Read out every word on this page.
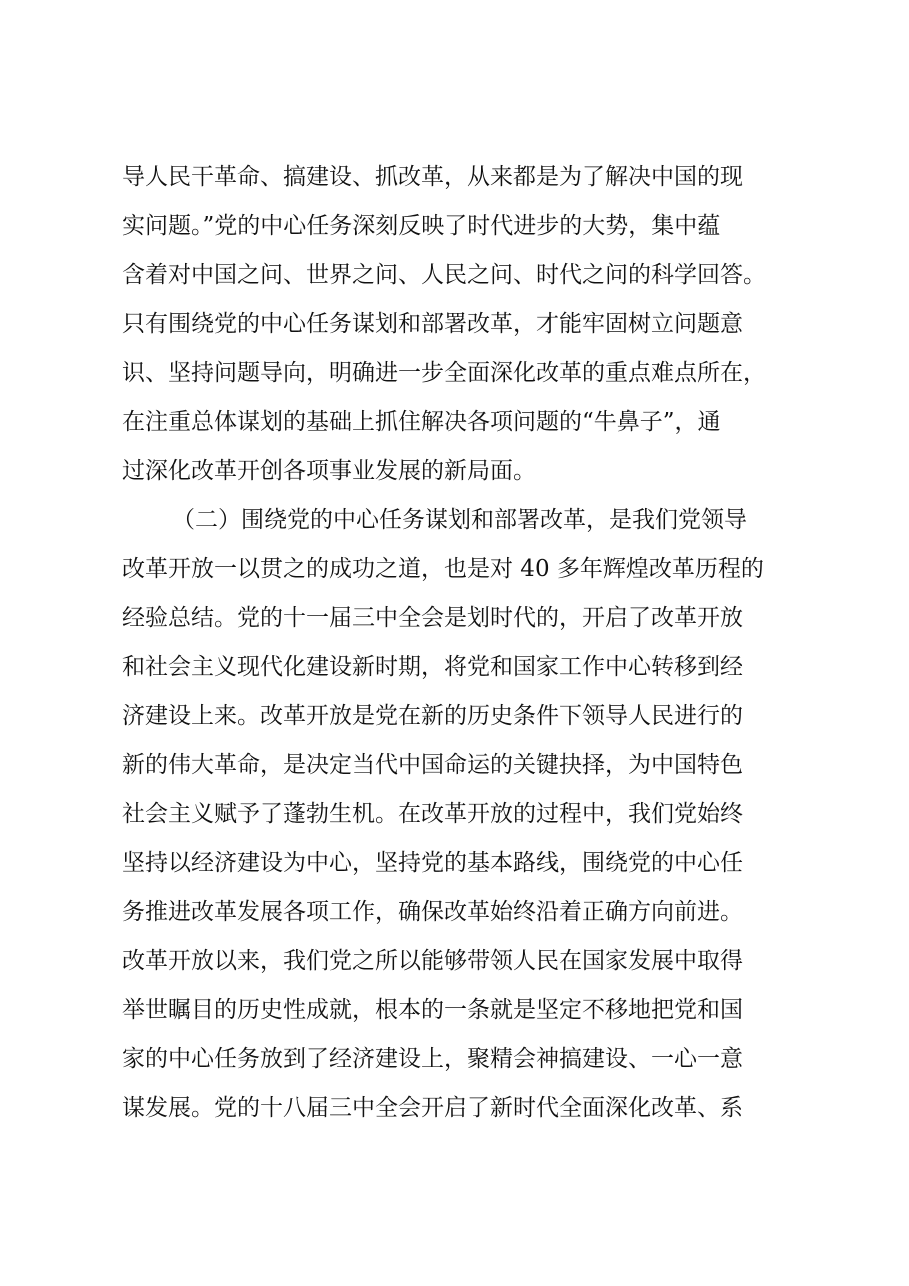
导人民干革命、搞建设、抓改革，从来都是为了解决中国的现
实问题。”党的中心任务深刻反映了时代进步的大势，集中蕴
含着对中国之问、世界之问、人民之问、时代之问的科学回答。
只有围绕党的中心任务谋划和部署改革，才能牢固树立问题意
识、坚持问题导向，明确进一步全面深化改革的重点难点所在，
在注重总体谋划的基础上抓住解决各项问题的“牛鼻子”，通
过深化改革开创各项事业发展的新局面。
（二）围绕党的中心任务谋划和部署改革，是我们党领导
改革开放一以贯之的成功之道，也是对 40 多年辉煌改革历程的
经验总结。党的十一届三中全会是划时代的，开启了改革开放
和社会主义现代化建设新时期，将党和国家工作中心转移到经
济建设上来。改革开放是党在新的历史条件下领导人民进行的
新的伟大革命，是决定当代中国命运的关键抉择，为中国特色
社会主义赋予了蓬勃生机。在改革开放的过程中，我们党始终
坚持以经济建设为中心，坚持党的基本路线，围绕党的中心任
务推进改革发展各项工作，确保改革始终沿着正确方向前进。
改革开放以来，我们党之所以能够带领人民在国家发展中取得
举世瞩目的历史性成就，根本的一条就是坚定不移地把党和国
家的中心任务放到了经济建设上，聚精会神搞建设、一心一意
谋发展。党的十八届三中全会开启了新时代全面深化改革、系
